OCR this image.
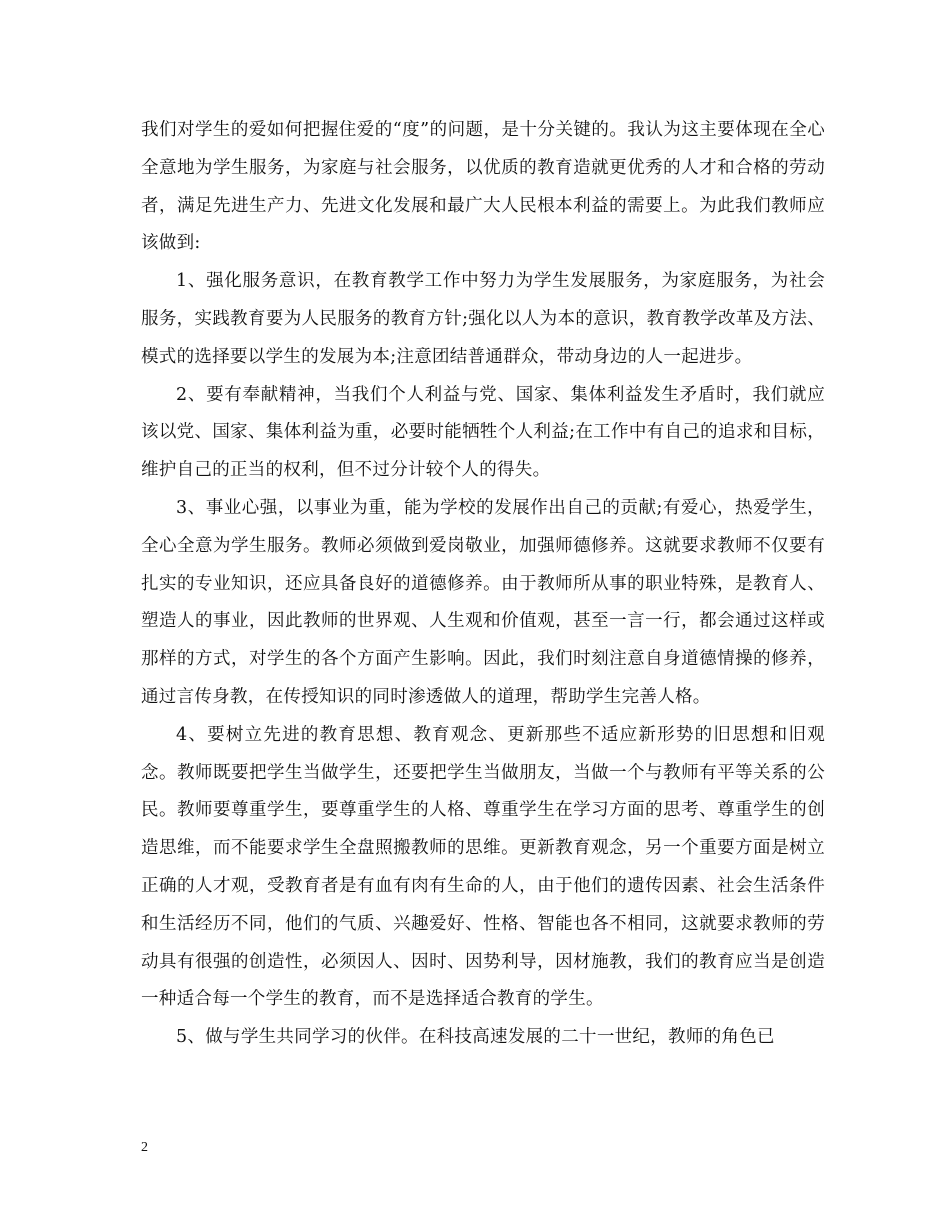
我们对学生的爱如何把握住爱的“度”的问题，是十分关键的。我认为这主要体现在全心全意地为学生服务，为家庭与社会服务，以优质的教育造就更优秀的人才和合格的劳动者，满足先进生产力、先进文化发展和最广大人民根本利益的需要上。为此我们教师应该做到:

1、强化服务意识，在教育教学工作中努力为学生发展服务，为家庭服务，为社会服务，实践教育要为人民服务的教育方针;强化以人为本的意识，教育教学改革及方法、模式的选择要以学生的发展为本;注意团结普通群众，带动身边的人一起进步。

2、要有奉献精神，当我们个人利益与党、国家、集体利益发生矛盾时，我们就应该以党、国家、集体利益为重，必要时能牺牲个人利益;在工作中有自己的追求和目标，维护自己的正当的权利，但不过分计较个人的得失。

3、事业心强，以事业为重，能为学校的发展作出自己的贡献;有爱心，热爱学生，全心全意为学生服务。教师必须做到爱岗敬业，加强师德修养。这就要求教师不仅要有扎实的专业知识，还应具备良好的道德修养。由于教师所从事的职业特殊，是教育人、塑造人的事业，因此教师的世界观、人生观和价值观，甚至一言一行，都会通过这样或那样的方式，对学生的各个方面产生影响。因此，我们时刻注意自身道德情操的修养，通过言传身教，在传授知识的同时渗透做人的道理，帮助学生完善人格。

4、要树立先进的教育思想、教育观念、更新那些不适应新形势的旧思想和旧观念。教师既要把学生当做学生，还要把学生当做朋友，当做一个与教师有平等关系的公民。教师要尊重学生，要尊重学生的人格、尊重学生在学习方面的思考、尊重学生的创造思维，而不能要求学生全盘照搬教师的思维。更新教育观念，另一个重要方面是树立正确的人才观，受教育者是有血有肉有生命的人，由于他们的遗传因素、社会生活条件和生活经历不同，他们的气质、兴趣爱好、性格、智能也各不相同，这就要求教师的劳动具有很强的创造性，必须因人、因时、因势利导，因材施教，我们的教育应当是创造一种适合每一个学生的教育，而不是选择适合教育的学生。

5、做与学生共同学习的伙伴。在科技高速发展的二十一世纪，教师的角色已

2
